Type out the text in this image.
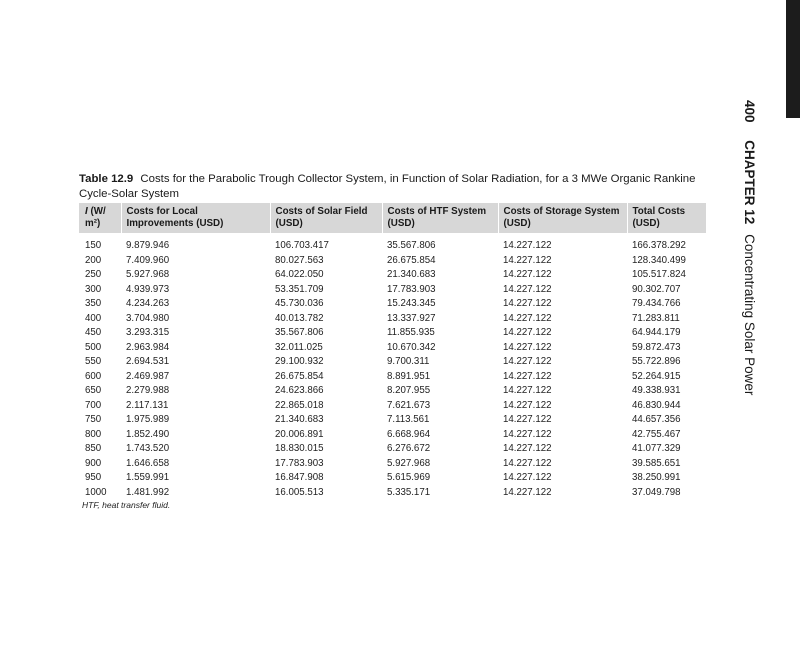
400 CHAPTER 12 Concentrating Solar Power
Table 12.9 Costs for the Parabolic Trough Collector System, in Function of Solar Radiation, for a 3 MWe Organic Rankine Cycle-Solar System
I (W/ m²)	Costs for Local Improvements (USD)	Costs of Solar Field (USD)	Costs of HTF System (USD)	Costs of Storage System (USD)	Total Costs (USD)
150	9.879.946	106.703.417	35.567.806	14.227.122	166.378.292
200	7.409.960	80.027.563	26.675.854	14.227.122	128.340.499
250	5.927.968	64.022.050	21.340.683	14.227.122	105.517.824
300	4.939.973	53.351.709	17.783.903	14.227.122	90.302.707
350	4.234.263	45.730.036	15.243.345	14.227.122	79.434.766
400	3.704.980	40.013.782	13.337.927	14.227.122	71.283.811
450	3.293.315	35.567.806	11.855.935	14.227.122	64.944.179
500	2.963.984	32.011.025	10.670.342	14.227.122	59.872.473
550	2.694.531	29.100.932	9.700.311	14.227.122	55.722.896
600	2.469.987	26.675.854	8.891.951	14.227.122	52.264.915
650	2.279.988	24.623.866	8.207.955	14.227.122	49.338.931
700	2.117.131	22.865.018	7.621.673	14.227.122	46.830.944
750	1.975.989	21.340.683	7.113.561	14.227.122	44.657.356
800	1.852.490	20.006.891	6.668.964	14.227.122	42.755.467
850	1.743.520	18.830.015	6.276.672	14.227.122	41.077.329
900	1.646.658	17.783.903	5.927.968	14.227.122	39.585.651
950	1.559.991	16.847.908	5.615.969	14.227.122	38.250.991
1000	1.481.992	16.005.513	5.335.171	14.227.122	37.049.798
HTF, heat transfer fluid.
